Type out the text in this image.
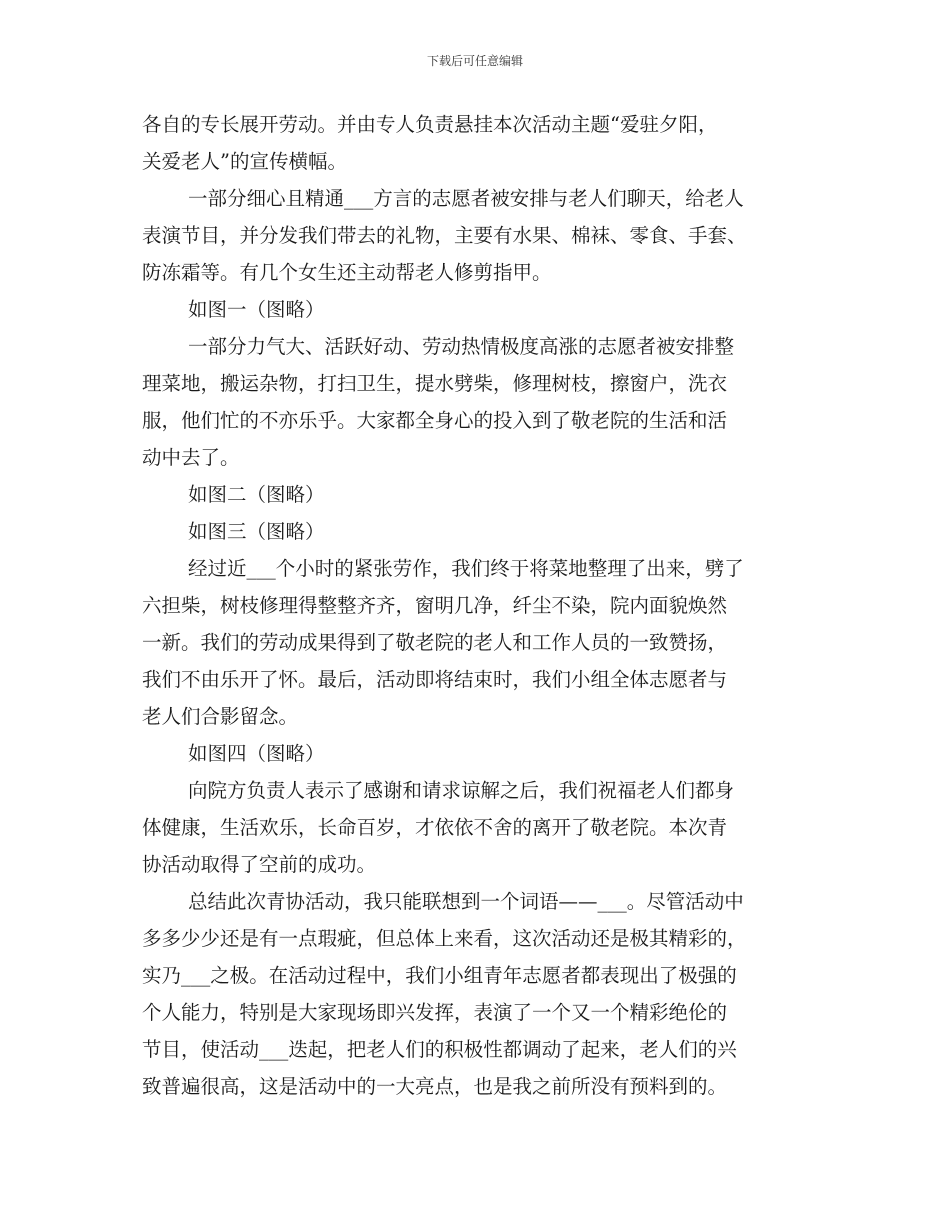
下载后可任意编辑
各自的专长展开劳动。并由专人负责悬挂本次活动主题“爱驻夕阳，
关爱老人”的宣传横幅。
一部分细心且精通___方言的志愿者被安排与老人们聊天，给老人
表演节目，并分发我们带去的礼物，主要有水果、棉袜、零食、手套、
防冻霜等。有几个女生还主动帮老人修剪指甲。
如图一（图略）
一部分力气大、活跃好动、劳动热情极度高涨的志愿者被安排整
理菜地，搬运杂物，打扫卫生，提水劈柴，修理树枝，擦窗户，洗衣
服，他们忙的不亦乐乎。大家都全身心的投入到了敬老院的生活和活
动中去了。
如图二（图略）
如图三（图略）
经过近___个小时的紧张劳作，我们终于将菜地整理了出来，劈了
六担柴，树枝修理得整整齐齐，窗明几净，纤尘不染，院内面貌焕然
一新。我们的劳动成果得到了敬老院的老人和工作人员的一致赞扬，
我们不由乐开了怀。最后，活动即将结束时，我们小组全体志愿者与
老人们合影留念。
如图四（图略）
向院方负责人表示了感谢和请求谅解之后，我们祝福老人们都身
体健康，生活欢乐，长命百岁，才依依不舍的离开了敬老院。本次青
协活动取得了空前的成功。
总结此次青协活动，我只能联想到一个词语——___。尽管活动中
多多少少还是有一点瑕疵，但总体上来看，这次活动还是极其精彩的，
实乃___之极。在活动过程中，我们小组青年志愿者都表现出了极强的
个人能力，特别是大家现场即兴发挥，表演了一个又一个精彩绝伦的
节目，使活动___迭起，把老人们的积极性都调动了起来，老人们的兴
致普遍很高，这是活动中的一大亮点，也是我之前所没有预料到的。
